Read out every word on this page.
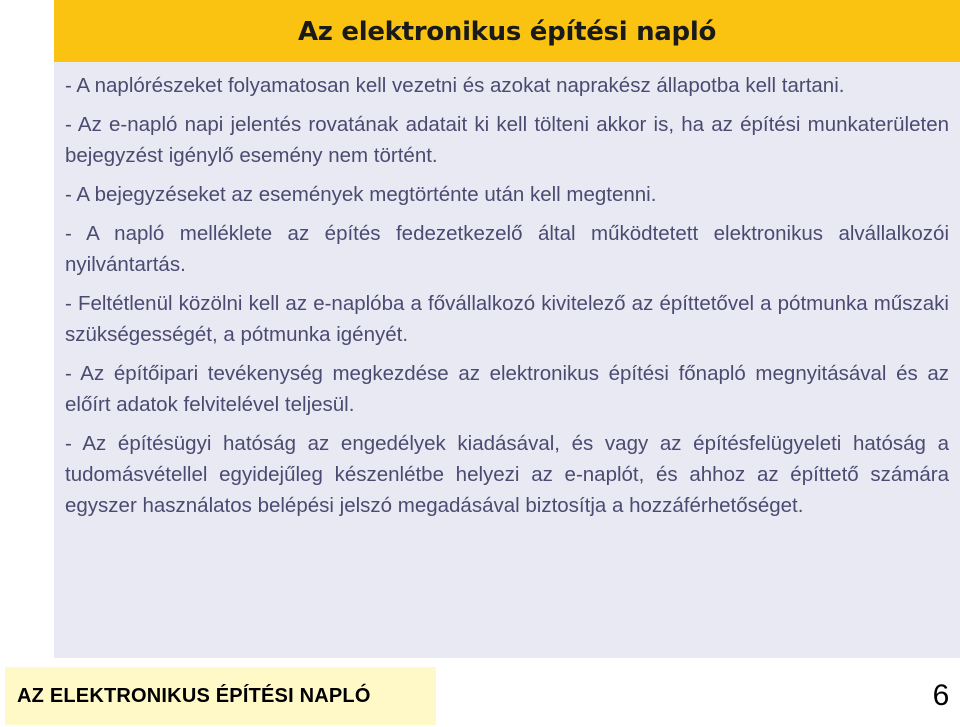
Az elektronikus építési napló

- A naplórészeket folyamatosan kell vezetni és azokat naprakész állapotba kell tartani.

- Az e-napló napi jelentés rovatának adatait ki kell tölteni akkor is, ha az építési munkaterületen bejegyzést igénylő esemény nem történt.

- A bejegyzéseket az események megtörténte után kell megtenni.

- A napló melléklete az építés fedezetkezelő által működtetett elektronikus alvállalkozói nyilvántartás.

- Feltétlenül közölni kell az e-naplóba a fővállalkozó kivitelező az építtetővel a pótmunka műszaki szükségességét, a pótmunka igényét.

- Az építőipari tevékenység megkezdése az elektronikus építési főnapló megnyitásával és az előírt adatok felvitelével teljesül.

- Az építésügyi hatóság az engedélyek kiadásával, és vagy az építésfelügyeleti hatóság a tudomásvétellel egyidejűleg készenlétbe helyezi az e-naplót, és ahhoz az építtető számára egyszer használatos belépési jelszó megadásával biztosítja a hozzáférhetőséget.

AZ ELEKTRONIKUS ÉPÍTÉSI NAPLÓ	6
